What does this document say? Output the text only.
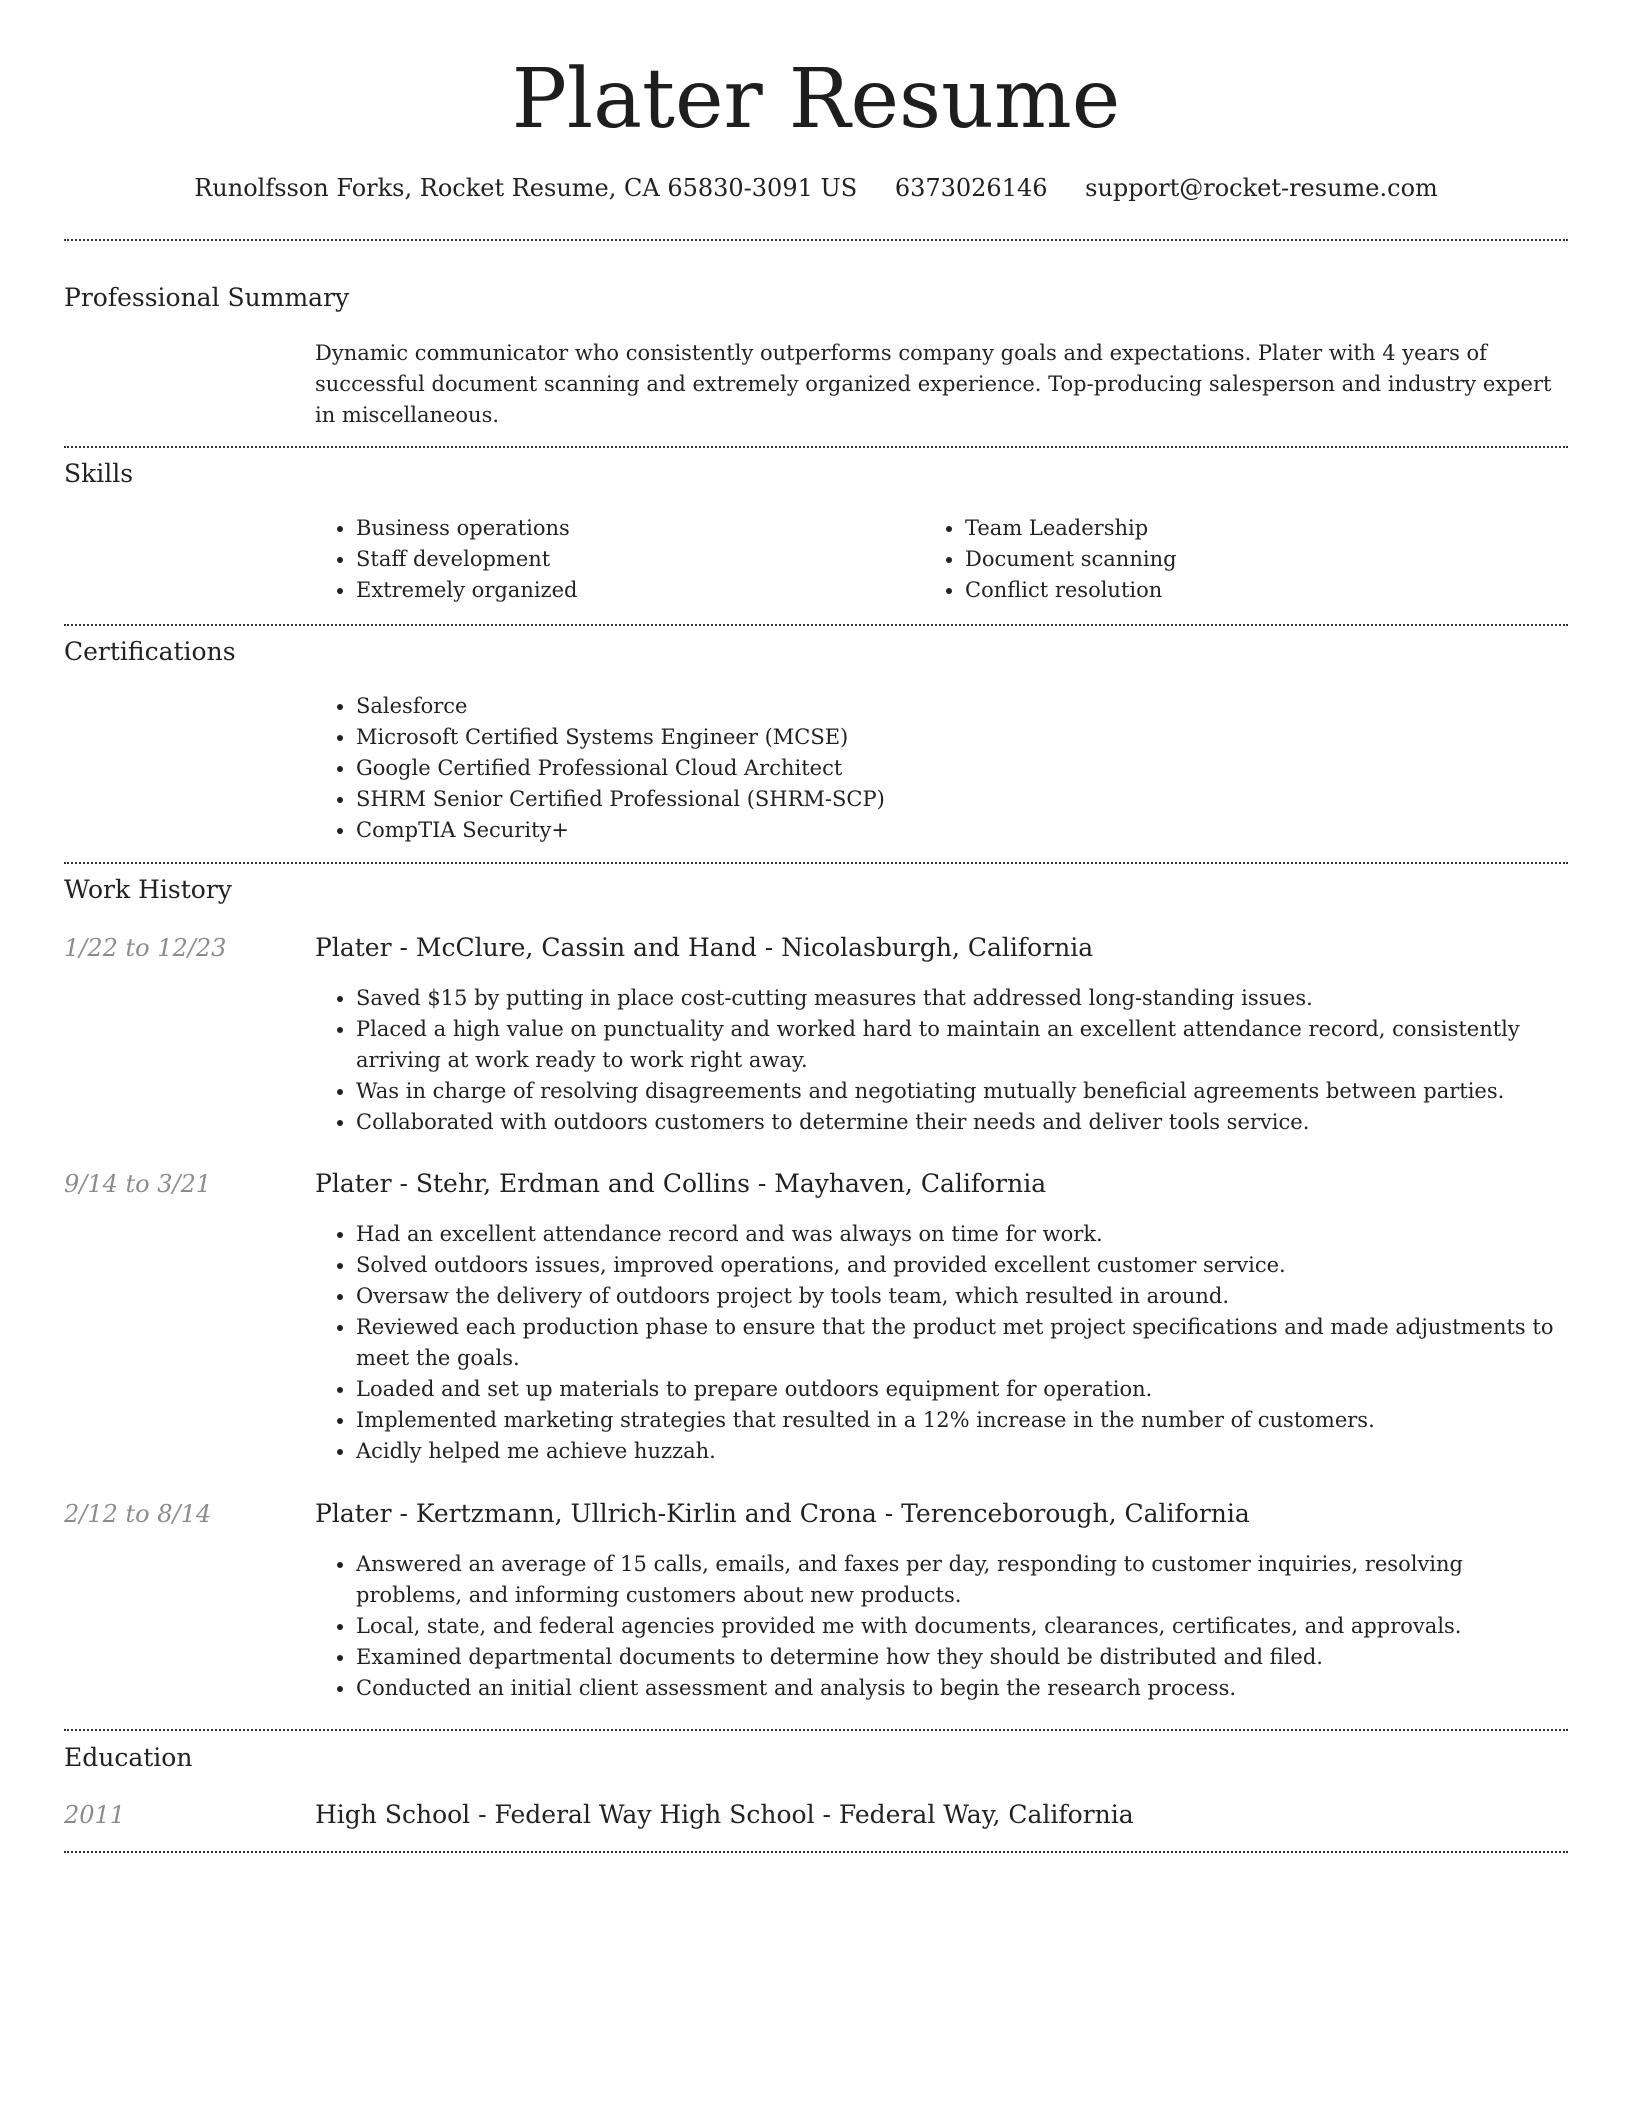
Plater Resume
Runolfsson Forks, Rocket Resume, CA 65830-3091 US 6373026146 support@rocket-resume.com
Professional Summary

Dynamic communicator who consistently outperforms company goals and expectations. Plater with 4 years of successful document scanning and extremely organized experience. Top-producing salesperson and industry expert in miscellaneous.

Skills
• Business operations
• Staff development
• Extremely organized
• Team Leadership
• Document scanning
• Conflict resolution
Certifications
• Salesforce
• Microsoft Certified Systems Engineer (MCSE)
• Google Certified Professional Cloud Architect
• SHRM Senior Certified Professional (SHRM-SCP)
• CompTIA Security+
Work History
1/22 to 12/23	Plater - McClure, Cassin and Hand - Nicolasburgh, California
• Saved $15 by putting in place cost-cutting measures that addressed long-standing issues.
• Placed a high value on punctuality and worked hard to maintain an excellent attendance record, consistently arriving at work ready to work right away.
• Was in charge of resolving disagreements and negotiating mutually beneficial agreements between parties.
• Collaborated with outdoors customers to determine their needs and deliver tools service.
9/14 to 3/21	Plater - Stehr, Erdman and Collins - Mayhaven, California
• Had an excellent attendance record and was always on time for work.
• Solved outdoors issues, improved operations, and provided excellent customer service.
• Oversaw the delivery of outdoors project by tools team, which resulted in around.
• Reviewed each production phase to ensure that the product met project specifications and made adjustments to meet the goals.
• Loaded and set up materials to prepare outdoors equipment for operation.
• Implemented marketing strategies that resulted in a 12% increase in the number of customers.
• Acidly helped me achieve huzzah.
2/12 to 8/14	Plater - Kertzmann, Ullrich-Kirlin and Crona - Terenceborough, California
• Answered an average of 15 calls, emails, and faxes per day, responding to customer inquiries, resolving problems, and informing customers about new products.
• Local, state, and federal agencies provided me with documents, clearances, certificates, and approvals.
• Examined departmental documents to determine how they should be distributed and filed.
• Conducted an initial client assessment and analysis to begin the research process.
Education
2011	High School - Federal Way High School - Federal Way, California
